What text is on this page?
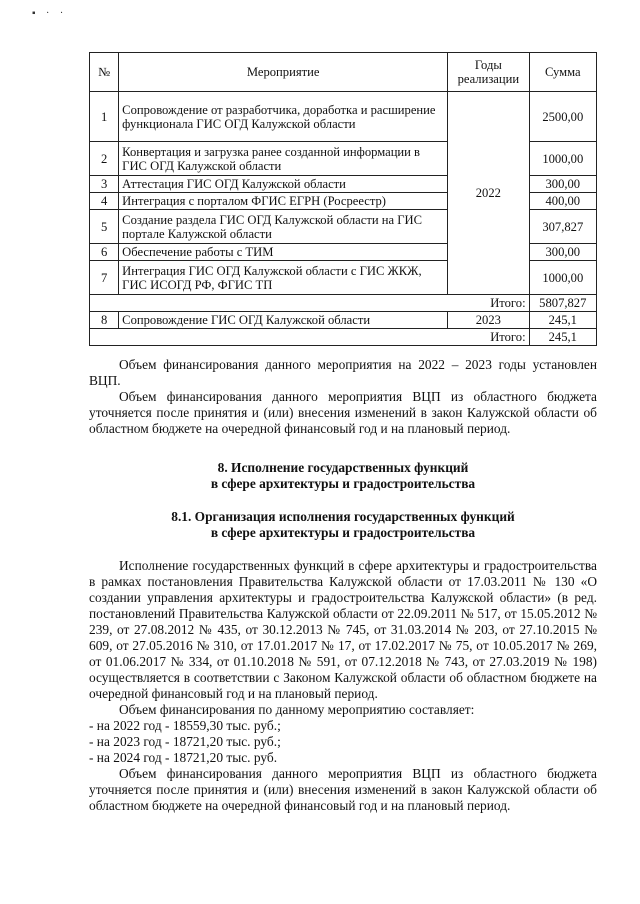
▪ · ·
№	Мероприятие	Годы реализации	Сумма
1	Сопровождение от разработчика, доработка и расширение функционала ГИС ОГД Калужской области	2022	2500,00
2	Конвертация и загрузка ранее созданной информации в ГИС ОГД Калужской области		1000,00
3	Аттестация ГИС ОГД Калужской области		300,00
4	Интеграция с порталом ФГИС ЕГРН (Росреестр)		400,00
5	Создание раздела ГИС ОГД Калужской области на ГИС портале Калужской области		307,827
6	Обеспечение работы с ТИМ		300,00
7	Интеграция ГИС ОГД Калужской области с ГИС ЖКЖ, ГИС ИСОГД РФ, ФГИС ТП		1000,00
Итого:			5807,827
8	Сопровождение ГИС ОГД Калужской области	2023	245,1
Итого:			245,1

Объем финансирования данного мероприятия на 2022 – 2023 годы установлен ВЦП.

Объем финансирования данного мероприятия ВЦП из областного бюджета уточняется после принятия и (или) внесения изменений в закон Калужской области об областном бюджете на очередной финансовый год и на плановый период.

8. Исполнение государственных функций

в сфере архитектуры и градостроительства

8.1. Организация исполнения государственных функций

в сфере архитектуры и градостроительства

Исполнение государственных функций в сфере архитектуры и градостроительства в рамках постановления Правительства Калужской области от 17.03.2011 № 130 «О создании управления архитектуры и градостроительства Калужской области» (в ред. постановлений Правительства Калужской области от 22.09.2011 № 517, от 15.05.2012 № 239, от 27.08.2012 № 435, от 30.12.2013 № 745, от 31.03.2014 № 203, от 27.10.2015 № 609, от 27.05.2016 № 310, от 17.01.2017 № 17, от 17.02.2017 № 75, от 10.05.2017 № 269, от 01.06.2017 № 334, от 01.10.2018 № 591, от 07.12.2018 № 743, от 27.03.2019 № 198) осуществляется в соответствии с Законом Калужской области об областном бюджете на очередной финансовый год и на плановый период.

Объем финансирования по данному мероприятию составляет:

- на 2022 год - 18559,30 тыс. руб.;

- на 2023 год - 18721,20 тыс. руб.;

- на 2024 год - 18721,20 тыс. руб.

Объем финансирования данного мероприятия ВЦП из областного бюджета уточняется после принятия и (или) внесения изменений в закон Калужской области об областном бюджете на очередной финансовый год и на плановый период.
